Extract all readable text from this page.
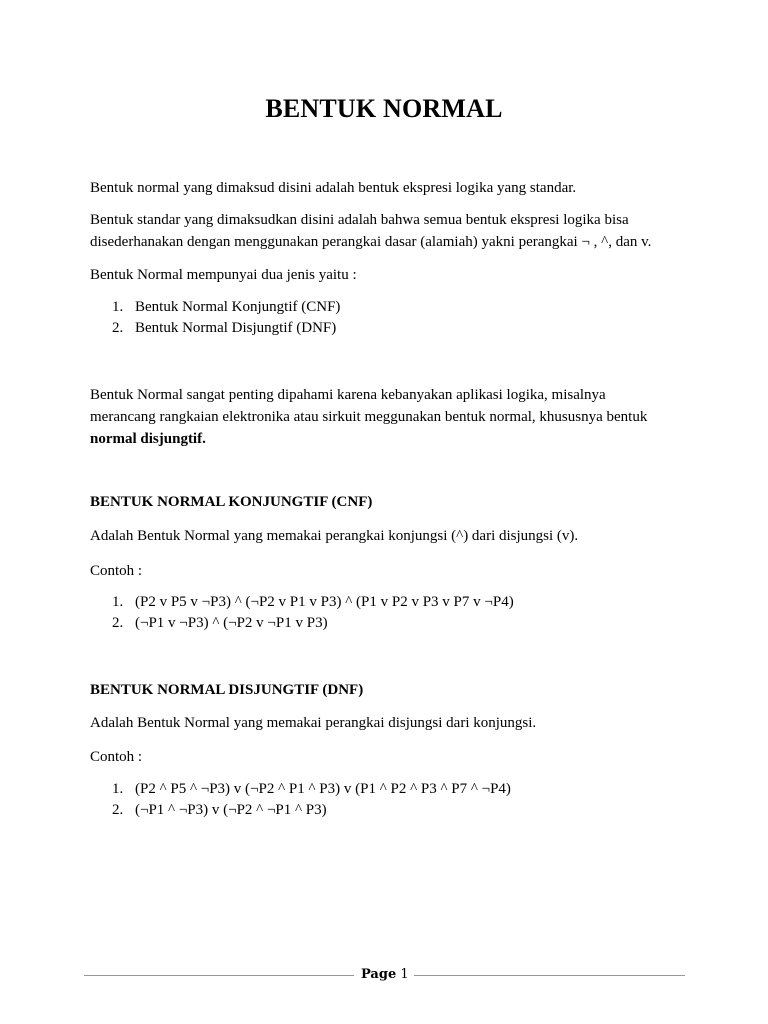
BENTUK NORMAL
Bentuk normal yang dimaksud disini adalah bentuk ekspresi logika yang standar.
Bentuk standar yang dimaksudkan disini adalah bahwa semua bentuk ekspresi logika bisa
disederhanakan dengan menggunakan perangkai dasar (alamiah) yakni perangkai ¬ , ^, dan v.
Bentuk Normal mempunyai dua jenis yaitu :
1. Bentuk Normal Konjungtif (CNF)
2. Bentuk Normal Disjungtif (DNF)
Bentuk Normal sangat penting dipahami karena kebanyakan aplikasi logika, misalnya
merancang rangkaian elektronika atau sirkuit meggunakan bentuk normal, khususnya bentuk
normal disjungtif.
BENTUK NORMAL KONJUNGTIF (CNF)
Adalah Bentuk Normal yang memakai perangkai konjungsi (^) dari disjungsi (v).
Contoh :
1. (P2 v P5 v ¬P3) ^ (¬P2 v P1 v P3) ^ (P1 v P2 v P3 v P7 v ¬P4)
2. (¬P1 v ¬P3) ^ (¬P2 v ¬P1 v P3)
BENTUK NORMAL DISJUNGTIF (DNF)
Adalah Bentuk Normal yang memakai perangkai disjungsi dari konjungsi.
Contoh :
1. (P2 ^ P5 ^ ¬P3) v (¬P2 ^ P1 ^ P3) v (P1 ^ P2 ^ P3 ^ P7 ^ ¬P4)
2. (¬P1 ^ ¬P3) v (¬P2 ^ ¬P1 ^ P3)
Page 1
